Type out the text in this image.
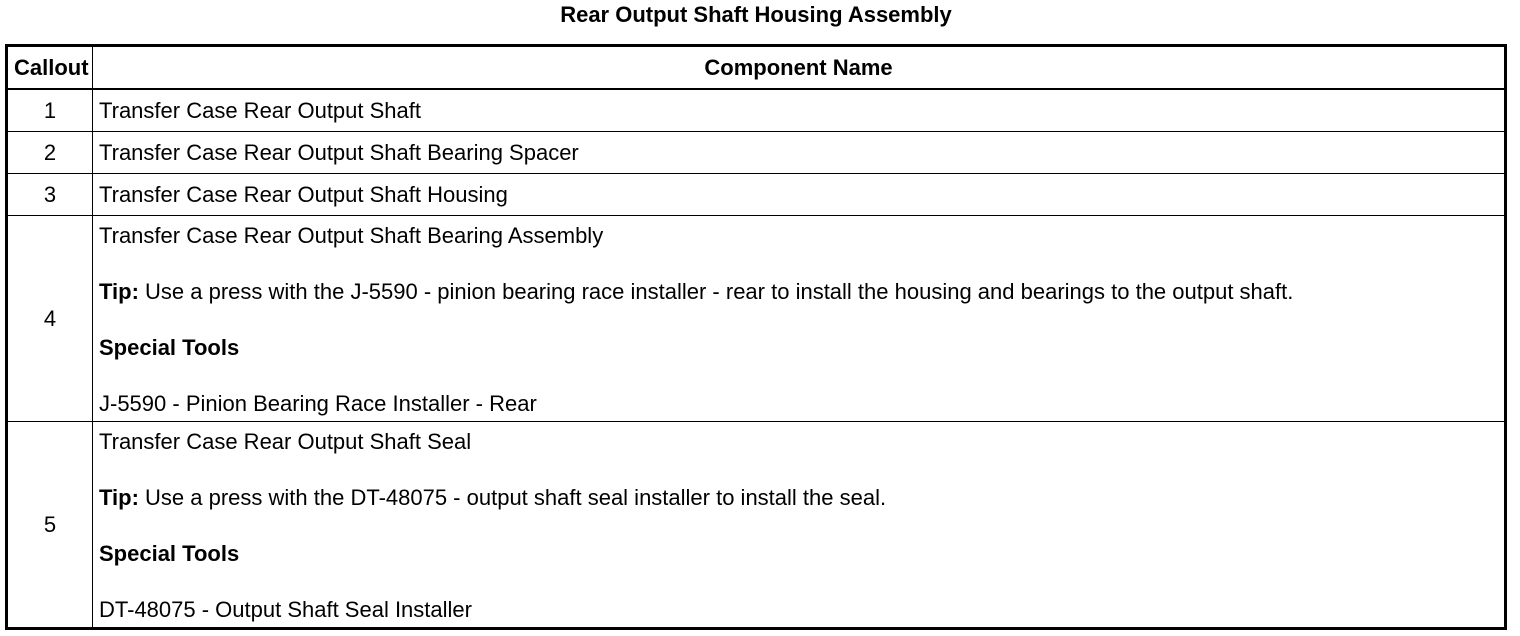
Rear Output Shaft Housing Assembly
Callout	Component Name
1	Transfer Case Rear Output Shaft
2	Transfer Case Rear Output Shaft Bearing Spacer
3	Transfer Case Rear Output Shaft Housing
4	Transfer Case Rear Output Shaft Bearing Assembly
Tip: Use a press with the J-5590 - pinion bearing race installer - rear to install the housing and bearings to the output shaft.
Special Tools
J-5590 - Pinion Bearing Race Installer - Rear

5	Transfer Case Rear Output Shaft Seal
Tip: Use a press with the DT-48075 - output shaft seal installer to install the seal.
Special Tools
DT-48075 - Output Shaft Seal Installer
